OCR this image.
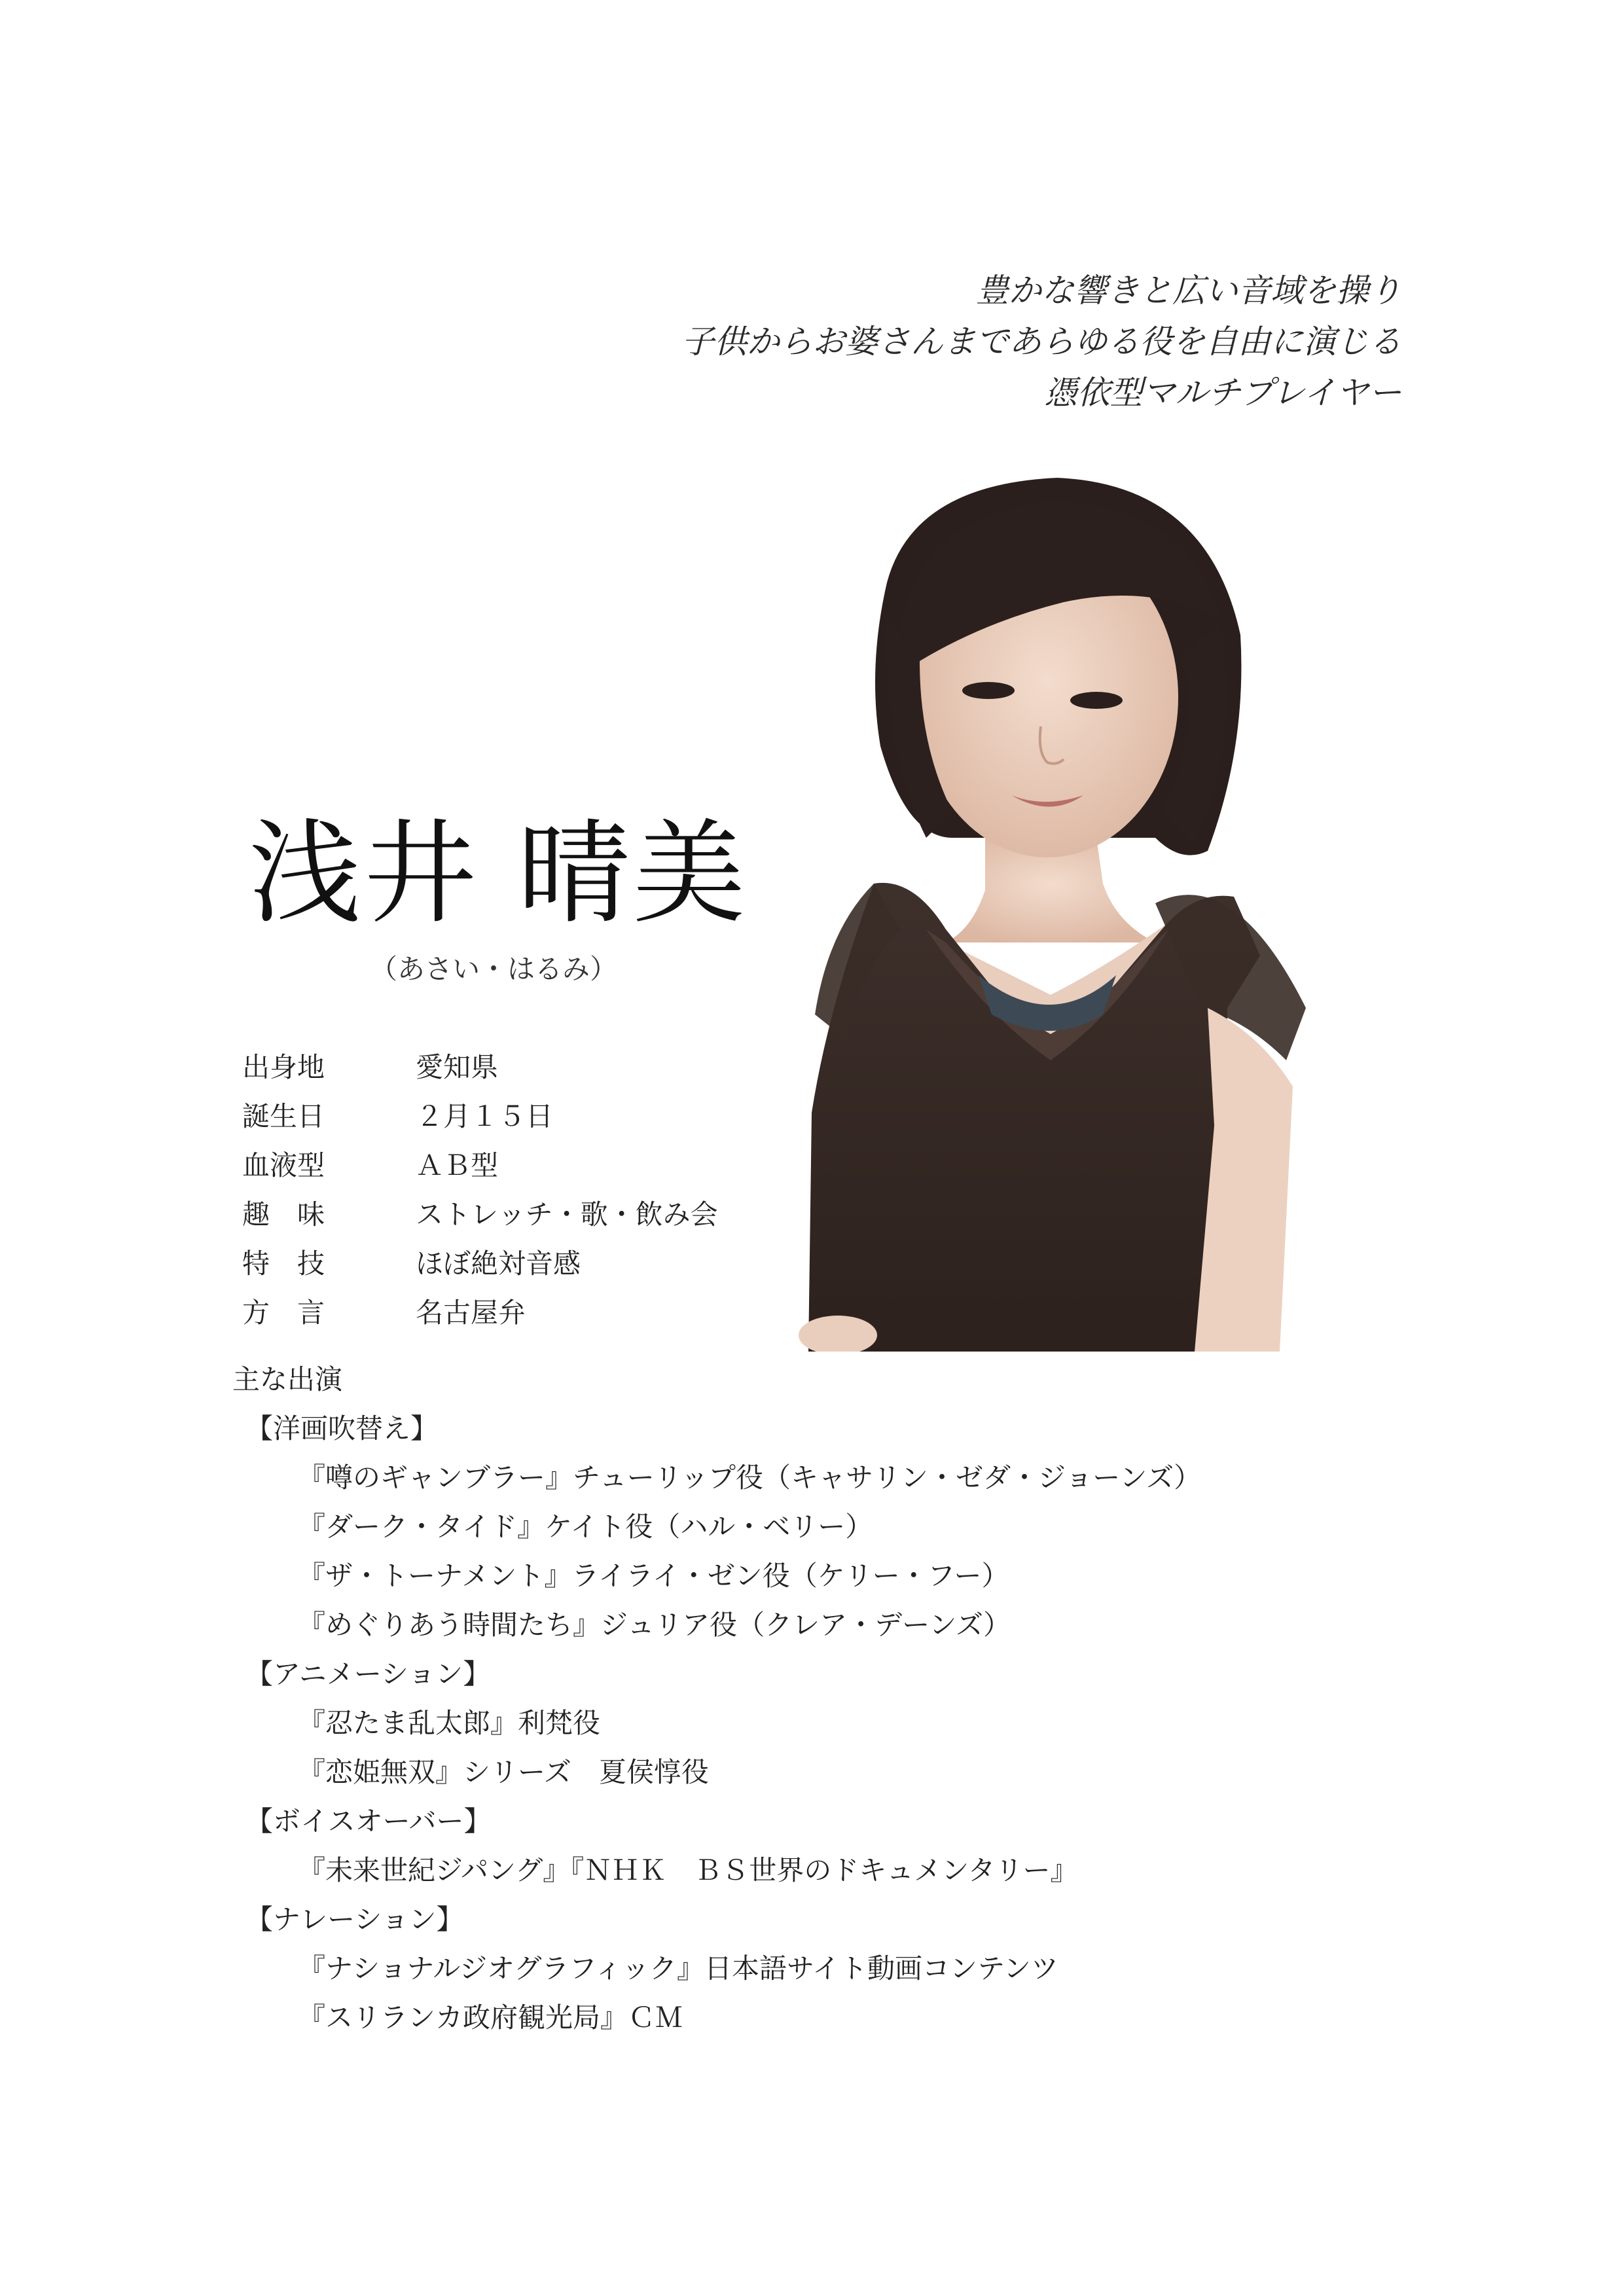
豊かな響きと広い音域を操り
子供からお婆さんまであらゆる役を自由に演じる
憑依型マルチプレイヤー
浅井 晴美
（あさい・はるみ）
出身地	愛知県
誕生日	２月１５日
血液型	ＡＢ型
趣　味	ストレッチ・歌・飲み会
特　技	ほぼ絶対音感
方　言	名古屋弁
主な出演
【洋画吹替え】
『噂のギャンブラー』チューリップ役（キャサリン・ゼダ・ジョーンズ）
『ダーク・タイド』ケイト役（ハル・ベリー）
『ザ・トーナメント』ライライ・ゼン役（ケリー・フー）
『めぐりあう時間たち』ジュリア役（クレア・デーンズ）
【アニメーション】
『忍たま乱太郎』利梵役
『恋姫無双』シリーズ　夏侯惇役
【ボイスオーバー】
『未来世紀ジパング』『ＮＨＫ　ＢＳ世界のドキュメンタリー』
【ナレーション】
『ナショナルジオグラフィック』日本語サイト動画コンテンツ
『スリランカ政府観光局』ＣＭ
